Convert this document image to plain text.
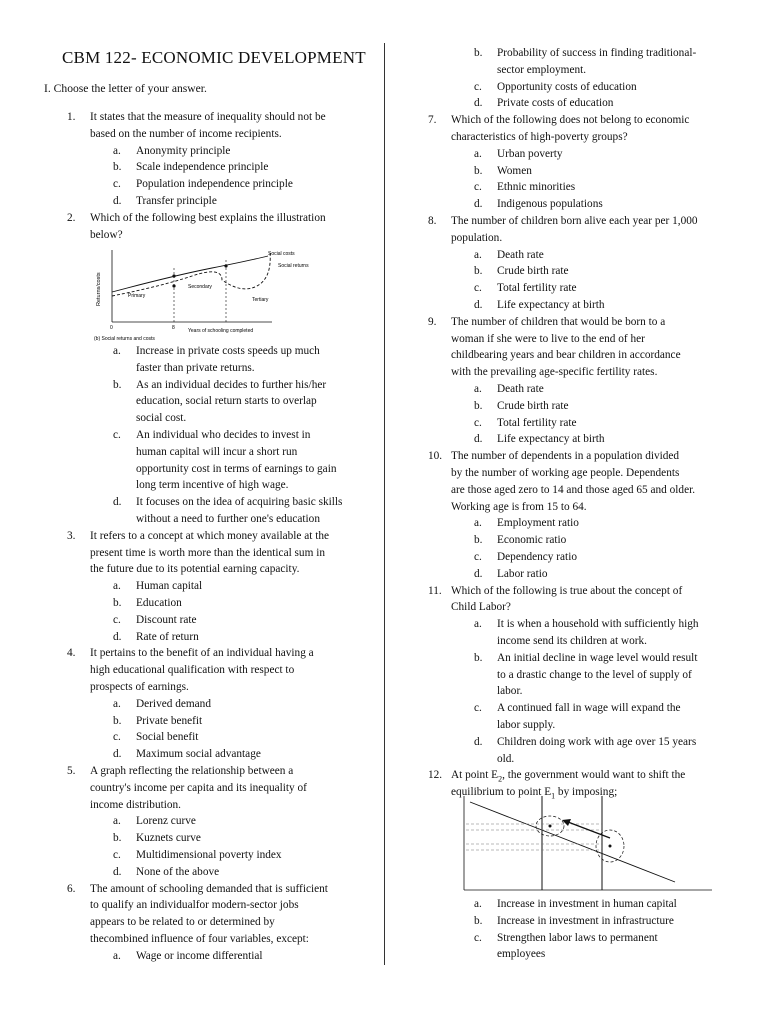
CBM 122- ECONOMIC DEVELOPMENT
I. Choose the letter of your answer.
Returns/costs
Social costs
Social returns
Primary
Secondary
Tertiary
0	8	Years of schooling completed
(b) Social returns and costs
1. It states that the measure of inequality should not be
based on the number of income recipients.
a. Anonymity principle
b. Scale independence principle
c. Population independence principle
d. Transfer principle
2. Which of the following best explains the illustration
below?
a. Increase in private costs speeds up much
faster than private returns.
b. As an individual decides to further his/her
education, social return starts to overlap
social cost.
c. An individual who decides to invest in
human capital will incur a short run
opportunity cost in terms of earnings to gain
long term incentive of high wage.
d. It focuses on the idea of acquiring basic skills
without a need to further one's education
3. It refers to a concept at which money available at the
present time is worth more than the identical sum in
the future due to its potential earning capacity.
a. Human capital
b. Education
c. Discount rate
d. Rate of return
4. It pertains to the benefit of an individual having a
high educational qualification with respect to
prospects of earnings.
a. Derived demand
b. Private benefit
c. Social benefit
d. Maximum social advantage
5. A graph reflecting the relationship between a
country's income per capita and its inequality of
income distribution.
a. Lorenz curve
b. Kuznets curve
c. Multidimensional poverty index
d. None of the above
6. The amount of schooling demanded that is sufficient
to qualify an individualfor modern-sector jobs
appears to be related to or determined by
thecombined influence of four variables, except:
a. Wage or income differential
b. Probability of success in finding traditional-
sector employment.
c. Opportunity costs of education
d. Private costs of education
7. Which of the following does not belong to economic
characteristics of high-poverty groups?
a. Urban poverty
b. Women
c. Ethnic minorities
d. Indigenous populations
8. The number of children born alive each year per 1,000
population.
a. Death rate
b. Crude birth rate
c. Total fertility rate
d. Life expectancy at birth
9. The number of children that would be born to a
woman if she were to live to the end of her
childbearing years and bear children in accordance
with the prevailing age-specific fertility rates.
a. Death rate
b. Crude birth rate
c. Total fertility rate
d. Life expectancy at birth
10. The number of dependents in a population divided
by the number of working age people. Dependents
are those aged zero to 14 and those aged 65 and older.
Working age is from 15 to 64.
a. Employment ratio
b. Economic ratio
c. Dependency ratio
d. Labor ratio
11. Which of the following is true about the concept of
Child Labor?
a. It is when a household with sufficiently high
income send its children at work.
b. An initial decline in wage level would result
to a drastic change to the level of supply of
labor.
c. A continued fall in wage will expand the
labor supply.
d. Children doing work with age over 15 years
old.
12. At point $E_2$, the government would want to shift the
equilibrium to point $E_1$ by imposing;
a. Increase in investment in human capital
b. Increase in investment in infrastructure
c. Strengthen labor laws to permanent
employees
